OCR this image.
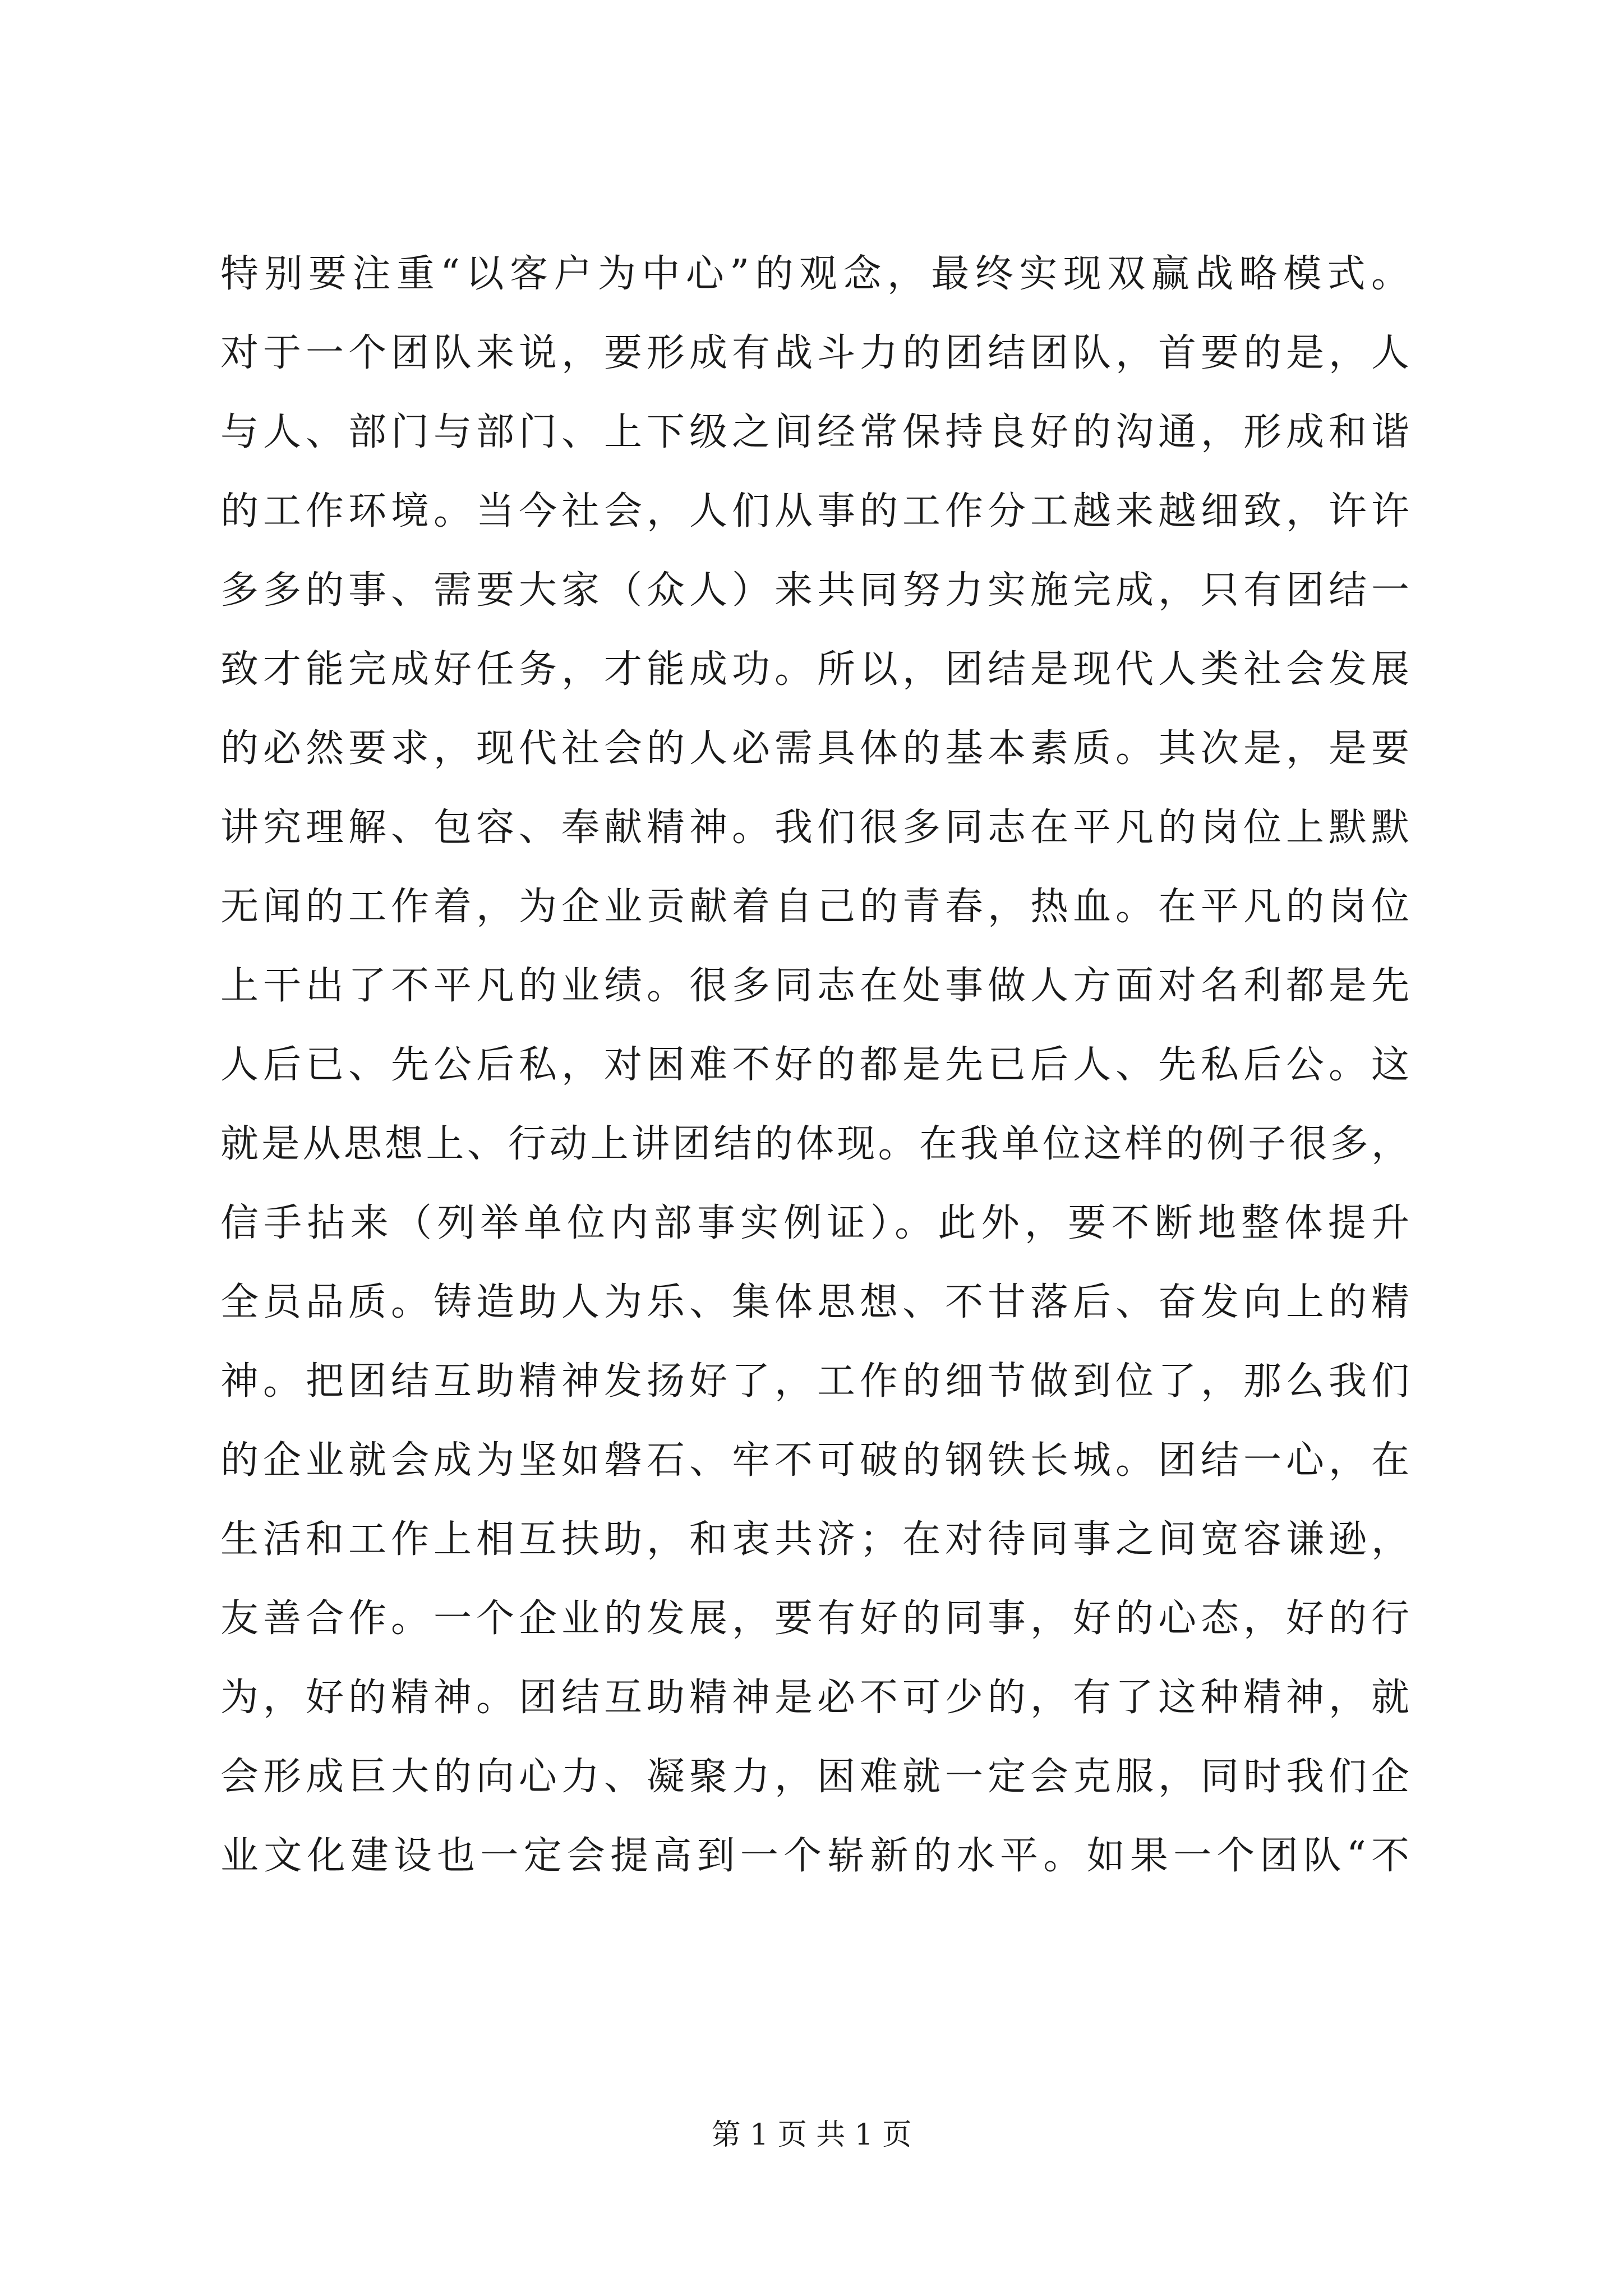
特别要注重“以客户为中心”的观念，最终实现双赢战略模式。
对于一个团队来说，要形成有战斗力的团结团队，首要的是，人
与人、部门与部门、上下级之间经常保持良好的沟通，形成和谐
的工作环境。当今社会，人们从事的工作分工越来越细致，许许
多多的事、需要大家（众人）来共同努力实施完成，只有团结一
致才能完成好任务，才能成功。所以，团结是现代人类社会发展
的必然要求，现代社会的人必需具体的基本素质。其次是，是要
讲究理解、包容、奉献精神。我们很多同志在平凡的岗位上默默
无闻的工作着，为企业贡献着自己的青春，热血。在平凡的岗位
上干出了不平凡的业绩。很多同志在处事做人方面对名利都是先
人后已、先公后私，对困难不好的都是先已后人、先私后公。这
就是从思想上、行动上讲团结的体现。在我单位这样的例子很多，
信手拈来（列举单位内部事实例证）。此外，要不断地整体提升
全员品质。铸造助人为乐、集体思想、不甘落后、奋发向上的精
神。把团结互助精神发扬好了，工作的细节做到位了，那么我们
的企业就会成为坚如磐石、牢不可破的钢铁长城。团结一心，在
生活和工作上相互扶助，和衷共济；在对待同事之间宽容谦逊，
友善合作。一个企业的发展，要有好的同事，好的心态，好的行
为，好的精神。团结互助精神是必不可少的，有了这种精神，就
会形成巨大的向心力、凝聚力，困难就一定会克服，同时我们企
业文化建设也一定会提高到一个崭新的水平。如果一个团队“不
第 1 页 共 1 页
